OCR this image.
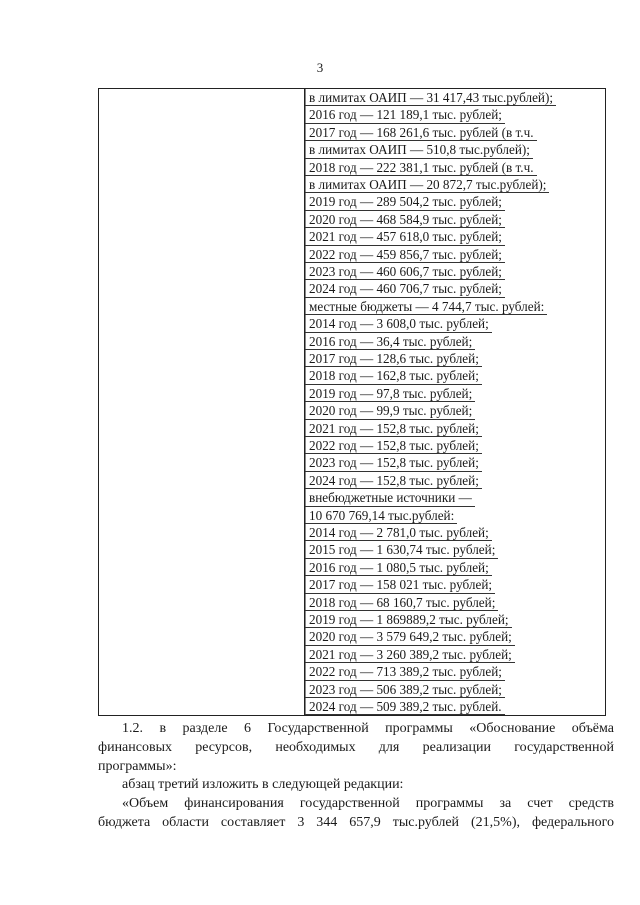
3
в лимитах ОАИП — 31 417,43 тыс.рублей);
2016 год — 121 189,1 тыс. рублей;
2017 год — 168 261,6 тыс. рублей (в т.ч.
в лимитах ОАИП — 510,8 тыс.рублей);
2018 год — 222 381,1 тыс. рублей (в т.ч.
в лимитах ОАИП — 20 872,7 тыс.рублей);
2019 год — 289 504,2 тыс. рублей;
2020 год — 468 584,9 тыс. рублей;
2021 год — 457 618,0 тыс. рублей;
2022 год — 459 856,7 тыс. рублей;
2023 год — 460 606,7 тыс. рублей;
2024 год — 460 706,7 тыс. рублей;
местные бюджеты — 4 744,7 тыс. рублей:
2014 год — 3 608,0 тыс. рублей;
2016 год — 36,4 тыс. рублей;
2017 год — 128,6 тыс. рублей;
2018 год — 162,8 тыс. рублей;
2019 год — 97,8 тыс. рублей;
2020 год — 99,9 тыс. рублей;
2021 год — 152,8 тыс. рублей;
2022 год — 152,8 тыс. рублей;
2023 год — 152,8 тыс. рублей;
2024 год — 152,8 тыс. рублей;
внебюджетные источники —
10 670 769,14 тыс.рублей:
2014 год — 2 781,0 тыс. рублей;
2015 год — 1 630,74 тыс. рублей;
2016 год — 1 080,5 тыс. рублей;
2017 год — 158 021 тыс. рублей;
2018 год — 68 160,7 тыс. рублей;
2019 год — 1 869889,2 тыс. рублей;
2020 год — 3 579 649,2 тыс. рублей;
2021 год — 3 260 389,2 тыс. рублей;
2022 год — 713 389,2 тыс. рублей;
2023 год — 506 389,2 тыс. рублей;
2024 год — 509 389,2 тыс. рублей.
1.2. в разделе 6 Государственной программы «Обоснование объёма
финансовых ресурсов, необходимых для реализации государственной
программы»:
абзац третий изложить в следующей редакции:
«Объем финансирования государственной программы за счет средств
бюджета области составляет 3 344 657,9 тыс.рублей (21,5%), федерального
